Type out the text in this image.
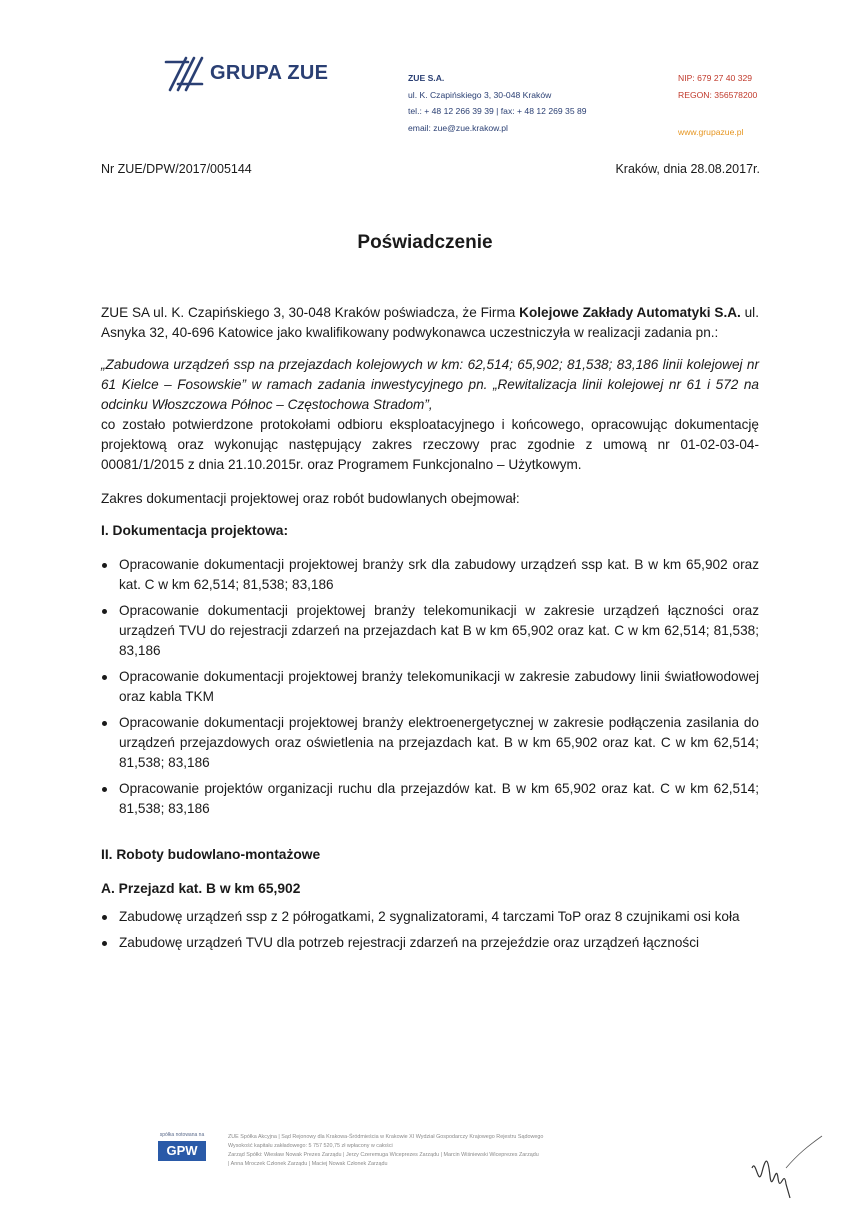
GRUPA ZUE	ZUE S.A.
ul. K. Czapińskiego 3, 30-048 Kraków
tel.: + 48 12 266 39 39 | fax: + 48 12 269 35 89
email: zue@zue.krakow.pl
NIP: 679 27 40 329
REGON: 356578200
www.grupazue.pl
Nr ZUE/DPW/2017/005144	Kraków, dnia 28.08.2017r.
Poświadczenie

ZUE SA ul. K. Czapińskiego 3, 30-048 Kraków poświadcza, że Firma Kolejowe Zakłady Automatyki S.A. ul. Asnyka 32, 40-696 Katowice jako kwalifikowany podwykonawca uczestniczyła w realizacji zadania pn.:

„Zabudowa urządzeń ssp na przejazdach kolejowych w km: 62,514; 65,902; 81,538; 83,186 linii kolejowej nr 61 Kielce – Fosowskie” w ramach zadania inwestycyjnego pn. „Rewitalizacja linii kolejowej nr 61 i 572 na odcinku Włoszczowa Północ – Częstochowa Stradom”,

co zostało potwierdzone protokołami odbioru eksploatacyjnego i końcowego, opracowując dokumentację projektową oraz wykonując następujący zakres rzeczowy prac zgodnie z umową nr 01-02-03-04-00081/1/2015 z dnia 21.10.2015r. oraz Programem Funkcjonalno – Użytkowym.

Zakres dokumentacji projektowej oraz robót budowlanych obejmował:

I. Dokumentacja projektowa:
Opracowanie dokumentacji projektowej branży srk dla zabudowy urządzeń ssp kat. B w km 65,902 oraz kat. C w km 62,514; 81,538; 83,186
Opracowanie dokumentacji projektowej branży telekomunikacji w zakresie urządzeń łączności oraz urządzeń TVU do rejestracji zdarzeń na przejazdach kat B w km 65,902 oraz kat. C w km 62,514; 81,538; 83,186
Opracowanie dokumentacji projektowej branży telekomunikacji w zakresie zabudowy linii światłowodowej oraz kabla TKM
Opracowanie dokumentacji projektowej branży elektroenergetycznej w zakresie podłączenia zasilania do urządzeń przejazdowych oraz oświetlenia na przejazdach kat. B w km 65,902 oraz kat. C w km 62,514; 81,538; 83,186
Opracowanie projektów organizacji ruchu dla przejazdów kat. B w km 65,902 oraz kat. C w km 62,514; 81,538; 83,186
II. Roboty budowlano-montażowe
A. Przejazd kat. B w km 65,902
Zabudowę urządzeń ssp z 2 półrogatkami, 2 sygnalizatorami, 4 tarczami ToP oraz 8 czujnikami osi koła
Zabudowę urządzeń TVU dla potrzeb rejestracji zdarzeń na przejeździe oraz urządzeń łączności
spółka notowana na
GPW
ZUE Spółka Akcyjna | Sąd Rejonowy dla Krakowa-Śródmieścia w Krakowie XI Wydział Gospodarczy Krajowego Rejestru Sądowego
Wysokość kapitału zakładowego: 5 757 520,75 zł wpłacony w całości
Zarząd Spółki: Wiesław Nowak Prezes Zarządu | Jerzy Czeremuga Wiceprezes Zarządu | Marcin Wiśniewski Wiceprezes Zarządu
| Anna Mroczek Członek Zarządu | Maciej Nowak Członek Zarządu
